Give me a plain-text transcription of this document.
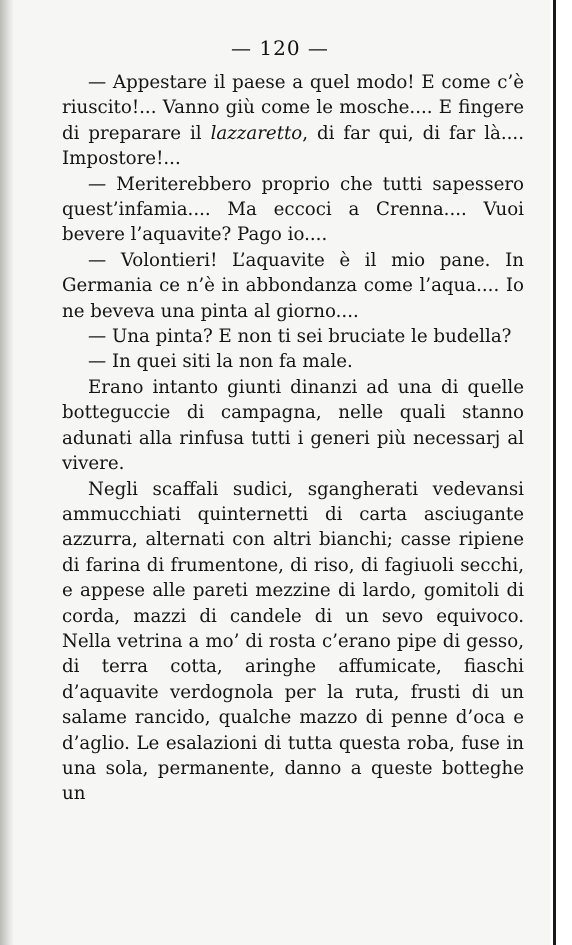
— 120 —

— Appestare il paese a quel modo! E come c’è riuscito!... Vanno giù come le mosche.... E fingere di preparare il lazzaretto, di far qui, di far là.... Impostore!...

— Meriterebbero proprio che tutti sapessero quest’infamia.... Ma eccoci a Crenna.... Vuoi bevere l’aquavite? Pago io....

— Volontieri! L’aquavite è il mio pane. In Germania ce n’è in abbondanza come l’aqua.... Io ne beveva una pinta al giorno....

— Una pinta? E non ti sei bruciate le budella?

— In quei siti la non fa male.

Erano intanto giunti dinanzi ad una di quelle botteguccie di campagna, nelle quali stanno adunati alla rinfusa tutti i generi più necessarj al vivere.

Negli scaffali sudici, sgangherati vedevansi ammucchiati quinternetti di carta asciugante azzurra, alternati con altri bianchi; casse ripiene di farina di frumentone, di riso, di fagiuoli secchi, e appese alle pareti mezzine di lardo, gomitoli di corda, mazzi di candele di un sevo equivoco. Nella vetrina a mo’ di rosta c’erano pipe di gesso, di terra cotta, aringhe affumicate, fiaschi d’aquavite verdognola per la ruta, frusti di un salame rancido, qualche mazzo di penne d’oca e d’aglio. Le esalazioni di tutta questa roba, fuse in una sola, permanente, danno a queste botteghe un
